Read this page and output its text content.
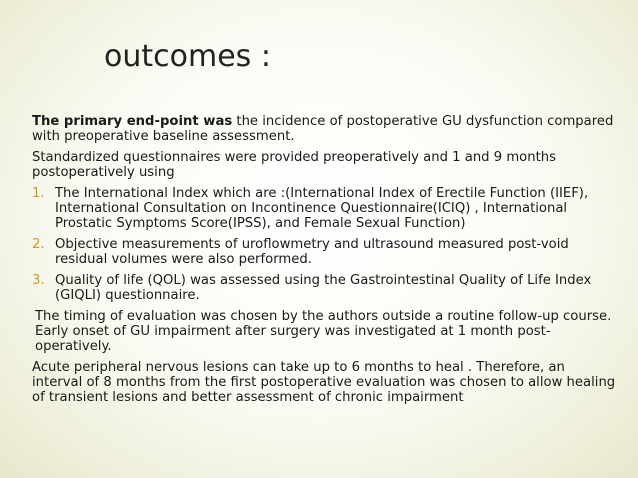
outcomes :

The primary end-point was the incidence of postoperative GU dysfunction compared with preoperative baseline assessment.

Standardized questionnaires were provided preoperatively and 1 and 9 months postoperatively using

1. The International Index which are :(International Index of Erectile Function (IIEF), International Consultation on Incontinence Questionnaire(ICIQ) , International Prostatic Symptoms Score(IPSS), and Female Sexual Function)
2. Objective measurements of uroflowmetry and ultrasound measured post-void residual volumes were also performed.
3. Quality of life (QOL) was assessed using the Gastrointestinal Quality of Life Index (GIQLI) questionnaire.

The timing of evaluation was chosen by the authors outside a routine follow-up course. Early onset of GU impairment after surgery was investigated at 1 month post-operatively.

Acute peripheral nervous lesions can take up to 6 months to heal . Therefore, an interval of 8 months from the first postoperative evaluation was chosen to allow healing of transient lesions and better assessment of chronic impairment
